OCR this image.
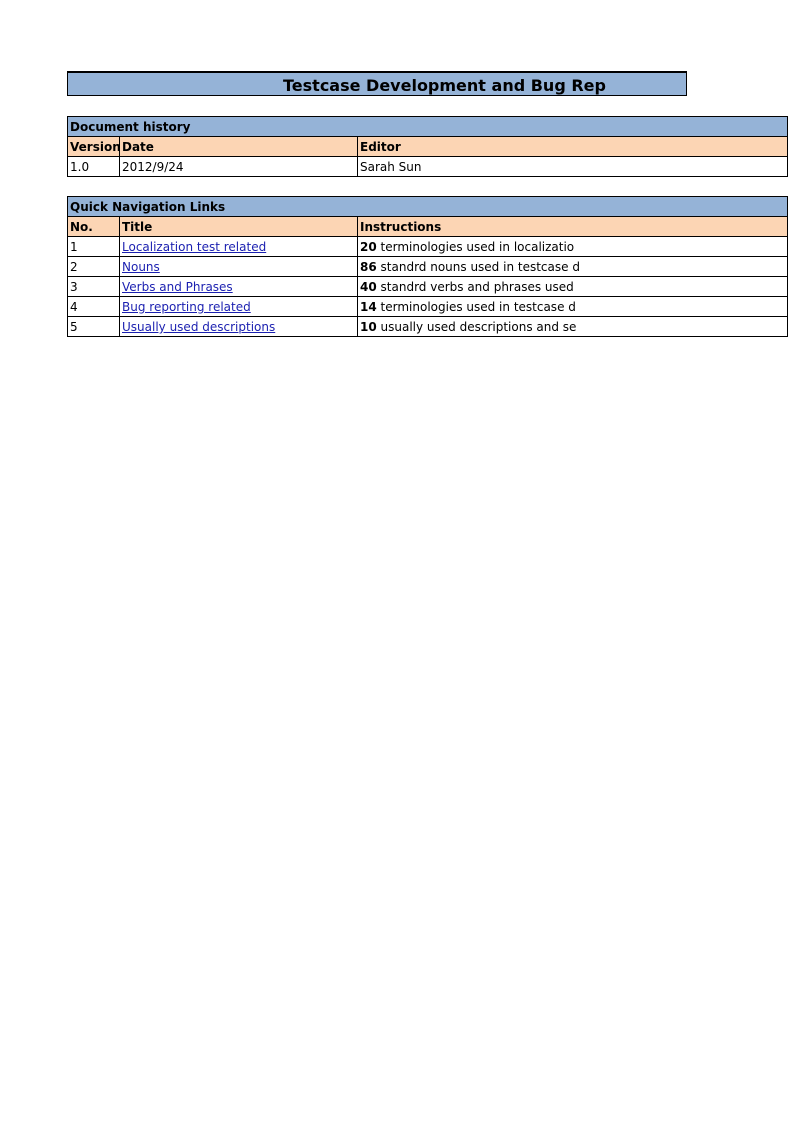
Testcase Development and Bug Rep
Document history		
Version	Date	Editor
1.0	2012/9/24	Sarah Sun
Quick Navigation Links		
No.	Title	Instructions
1	Localization test related	20 terminologies used in localizatio
2	Nouns	86 standrd nouns used in testcase d
3	Verbs and Phrases	40 standrd verbs and phrases used
4	Bug reporting related	14 terminologies used in testcase d
5	Usually used descriptions	10 usually used descriptions and se
